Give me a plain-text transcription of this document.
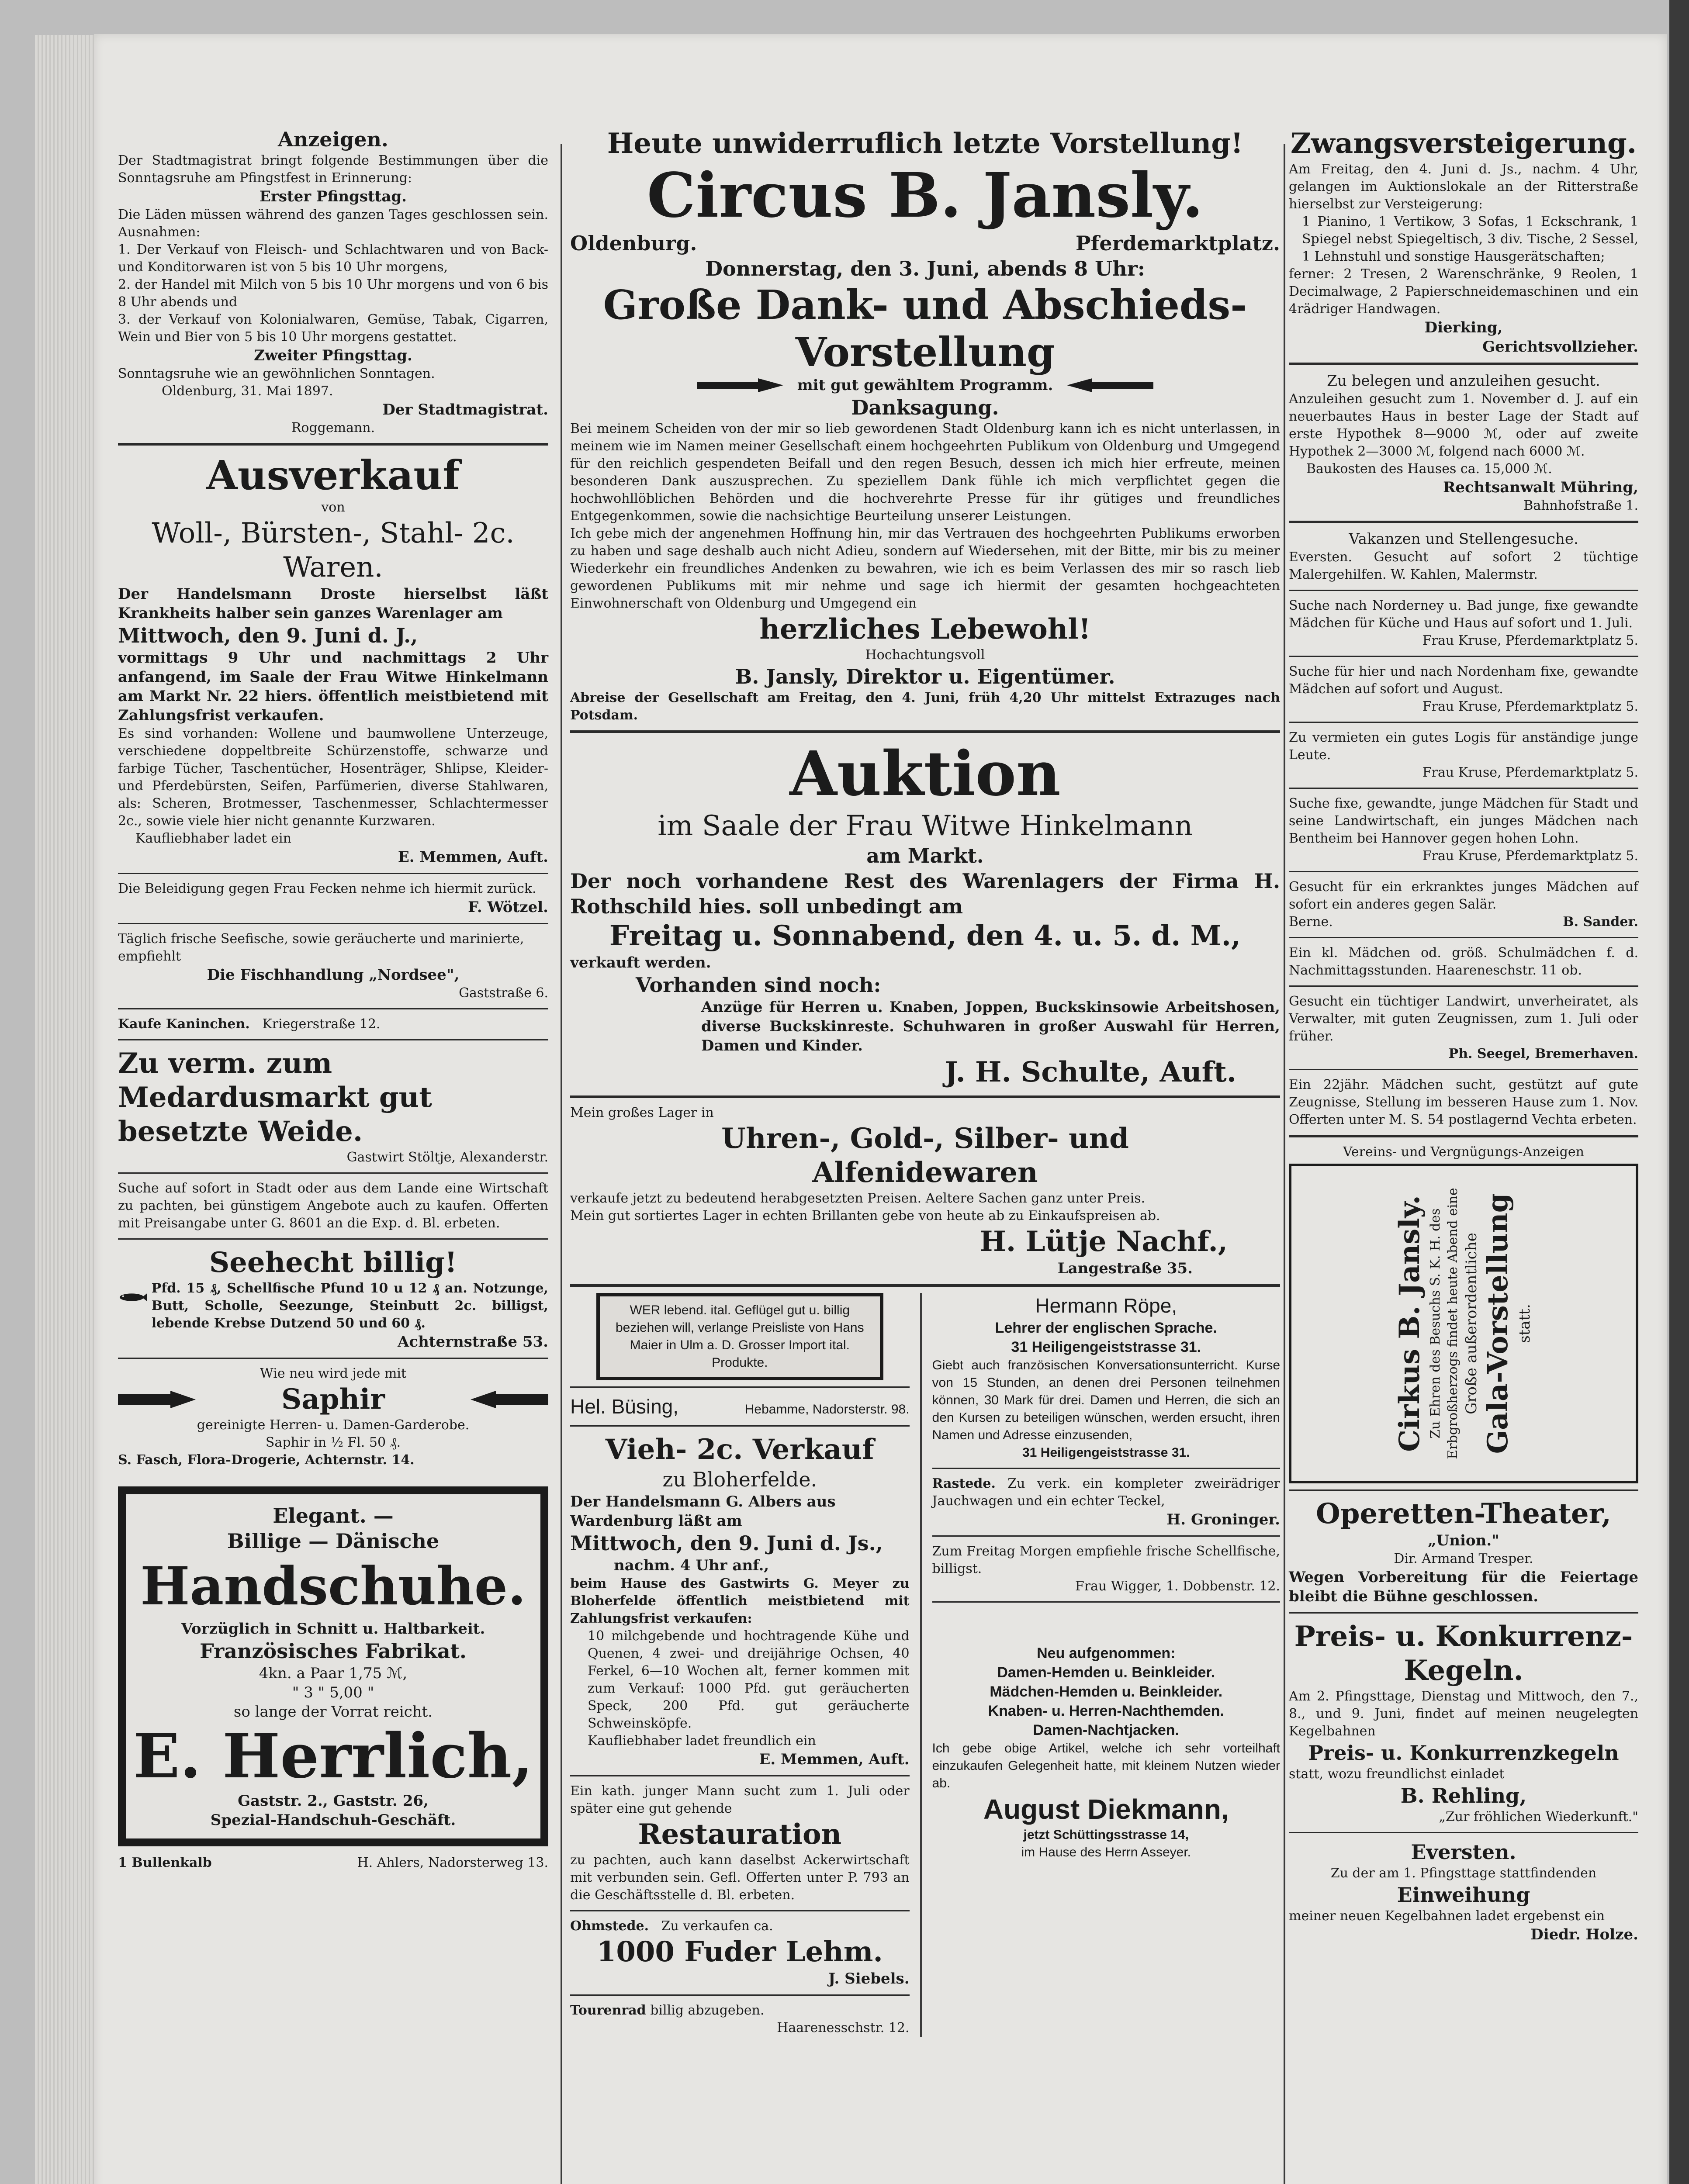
Anzeigen.
Der Stadtmagistrat bringt folgende Bestimmungen über die Sonntagsruhe am Pfingstfest in Erinnerung:
Erster Pfingsttag.
Die Läden müssen während des ganzen Tages geschlossen sein. Ausnahmen:
1. Der Verkauf von Fleisch- und Schlachtwaren und von Back- und Konditorwaren ist von 5 bis 10 Uhr morgens,
2. der Handel mit Milch von 5 bis 10 Uhr morgens und von 6 bis 8 Uhr abends und
3. der Verkauf von Kolonialwaren, Gemüse, Tabak, Cigarren, Wein und Bier von 5 bis 10 Uhr morgens gestattet.
Zweiter Pfingsttag.
Sonntagsruhe wie an gewöhnlichen Sonntagen.
Oldenburg, 31. Mai 1897.
Der Stadtmagistrat.
Roggemann.
Ausverkauf
von
Woll-, Bürsten-, Stahl- 2c. Waren.
Der Handelsmann Droste hierselbst läßt Krankheits halber sein ganzes Warenlager am
Mittwoch, den 9. Juni d. J.,
vormittags 9 Uhr und nachmittags 2 Uhr anfangend, im Saale der Frau Witwe Hinkelmann am Markt Nr. 22 hiers. öffentlich meistbietend mit Zahlungsfrist verkaufen.
Es sind vorhanden: Wollene und baumwollene Unterzeuge, verschiedene doppeltbreite Schürzenstoffe, schwarze und farbige Tücher, Taschentücher, Hosenträger, Shlipse, Kleider- und Pferdebürsten, Seifen, Parfümerien, diverse Stahlwaren, als: Scheren, Brotmesser, Taschenmesser, Schlachtermesser 2c., sowie viele hier nicht genannte Kurzwaren.
Kaufliebhaber ladet ein
E. Memmen, Auft.
Die Beleidigung gegen Frau Fecken nehme ich hiermit zurück.
F. Wötzel.
Täglich frische Seefische, sowie geräucherte und marinierte, empfiehlt
Die Fischhandlung „Nordsee",
Gaststraße 6.
Kaufe Kaninchen. Kriegerstraße 12.
Zu verm. zum Medardusmarkt gut besetzte Weide.
Gastwirt Stöltje, Alexanderstr.
Suche auf sofort in Stadt oder aus dem Lande eine Wirtschaft zu pachten, bei günstigem Angebote auch zu kaufen. Offerten mit Preisangabe unter G. 8601 an die Exp. d. Bl. erbeten.
Seehecht billig!
Pfd. 15 ₰, Schellfische Pfund 10 u 12 ₰ an. Notzunge, Butt, Scholle, Seezunge, Steinbutt 2c. billigst, lebende Krebse Dutzend 50 und 60 ₰.
Achternstraße 53.
Wie neu wird jede mit
Saphir
gereinigte Herren- u. Damen-Garderobe.
Saphir in ½ Fl. 50 ₰.
S. Fasch, Flora-Drogerie, Achternstr. 14.
Elegant. —
Billige — Dänische
Handschuhe.
Vorzüglich in Schnitt u. Haltbarkeit.
Französisches Fabrikat.
4kn. a Paar 1,75 ℳ,
" 3 " 5,00 "
so lange der Vorrat reicht.
E. Herrlich,
Gaststr. 2., Gaststr. 26,
Spezial-Handschuh-Geschäft.
1 Bullenkalb	H. Ahlers, Nadorsterweg 13.
Heute unwiderruflich letzte Vorstellung!
Circus B. Jansly.
Oldenburg.	Pferdemarktplatz.
Donnerstag, den 3. Juni, abends 8 Uhr:
Große Dank- und Abschieds-
Vorstellung
mit gut gewähltem Programm.
Danksagung.
Bei meinem Scheiden von der mir so lieb gewordenen Stadt Oldenburg kann ich es nicht unterlassen, in meinem wie im Namen meiner Gesellschaft einem hochgeehrten Publikum von Oldenburg und Umgegend für den reichlich gespendeten Beifall und den regen Besuch, dessen ich mich hier erfreute, meinen besonderen Dank auszusprechen. Zu speziellem Dank fühle ich mich verpflichtet gegen die hochwohllöblichen Behörden und die hochverehrte Presse für ihr gütiges und freundliches Entgegenkommen, sowie die nachsichtige Beurteilung unserer Leistungen.
Ich gebe mich der angenehmen Hoffnung hin, mir das Vertrauen des hochgeehrten Publikums erworben zu haben und sage deshalb auch nicht Adieu, sondern auf Wiedersehen, mit der Bitte, mir bis zu meiner Wiederkehr ein freundliches Andenken zu bewahren, wie ich es beim Verlassen des mir so rasch lieb gewordenen Publikums mit mir nehme und sage ich hiermit der gesamten hochgeachteten Einwohnerschaft von Oldenburg und Umgegend ein
herzliches Lebewohl!
Hochachtungsvoll
B. Jansly, Direktor u. Eigentümer.
Abreise der Gesellschaft am Freitag, den 4. Juni, früh 4,20 Uhr mittelst Extrazuges nach Potsdam.
Auktion
im Saale der Frau Witwe Hinkelmann
am Markt.
Der noch vorhandene Rest des Warenlagers der Firma H. Rothschild hies. soll unbedingt am
Freitag u. Sonnabend, den 4. u. 5. d. M.,
verkauft werden.
Vorhanden sind noch:
Anzüge für Herren u. Knaben, Joppen, Buckskinsowie Arbeitshosen, diverse Buckskinreste. Schuhwaren in großer Auswahl für Herren, Damen und Kinder.
J. H. Schulte, Auft.
Mein großes Lager in
Uhren-, Gold-, Silber- und
Alfenidewaren
verkaufe jetzt zu bedeutend herabgesetzten Preisen. Aeltere Sachen ganz unter Preis.
Mein gut sortiertes Lager in echten Brillanten gebe von heute ab zu Einkaufspreisen ab.
H. Lütje Nachf.,
Langestraße 35.
WER lebend. ital. Geflügel gut u. billig beziehen will, verlange Preisliste von Hans Maier in Ulm a. D. Grosser Import ital. Produkte.
Hel. Büsing,	Hebamme, Nadorsterstr. 98.
Vieh- 2c. Verkauf
zu Bloherfelde.
Der Handelsmann G. Albers aus Wardenburg läßt am
Mittwoch, den 9. Juni d. Js.,
nachm. 4 Uhr anf.,
beim Hause des Gastwirts G. Meyer zu Bloherfelde öffentlich meistbietend mit Zahlungsfrist verkaufen:
10 milchgebende und hochtragende Kühe und Quenen, 4 zwei- und dreijährige Ochsen, 40 Ferkel, 6—10 Wochen alt, ferner kommen mit zum Verkauf: 1000 Pfd. gut geräucherten Speck, 200 Pfd. gut geräucherte Schweinsköpfe.
Kaufliebhaber ladet freundlich ein
E. Memmen, Auft.
Ein kath. junger Mann sucht zum 1. Juli oder später eine gut gehende
Restauration
zu pachten, auch kann daselbst Ackerwirtschaft mit verbunden sein. Gefl. Offerten unter P. 793 an die Geschäftsstelle d. Bl. erbeten.
Ohmstede. Zu verkaufen ca.
1000 Fuder Lehm.
J. Siebels.
Tourenrad billig abzugeben.
Haarenesschstr. 12.
Hermann Röpe,
Lehrer der englischen Sprache.
31 Heiligengeiststrasse 31.
Giebt auch französischen Konversationsunterricht. Kurse von 15 Stunden, an denen drei Personen teilnehmen können, 30 Mark für drei. Damen und Herren, die sich an den Kursen zu beteiligen wünschen, werden ersucht, ihren Namen und Adresse einzusenden,
31 Heiligengeiststrasse 31.
Rastede. Zu verk. ein kompleter zweirädriger Jauchwagen und ein echter Teckel,
H. Groninger.
Zum Freitag Morgen empfiehle frische Schellfische, billigst.
Frau Wigger, 1. Dobbenstr. 12.
Neu aufgenommen:
Damen-Hemden u. Beinkleider.
Mädchen-Hemden u. Beinkleider.
Knaben- u. Herren-Nachthemden.
Damen-Nachtjacken.
Ich gebe obige Artikel, welche ich sehr vorteilhaft einzukaufen Gelegenheit hatte, mit kleinem Nutzen wieder ab.
August Diekmann,
jetzt Schüttingsstrasse 14,
im Hause des Herrn Asseyer.
Zwangsversteigerung.
Am Freitag, den 4. Juni d. Js., nachm. 4 Uhr, gelangen im Auktionslokale an der Ritterstraße hierselbst zur Versteigerung:
1 Pianino, 1 Vertikow, 3 Sofas, 1 Eckschrank, 1 Spiegel nebst Spiegeltisch, 3 div. Tische, 2 Sessel, 1 Lehnstuhl und sonstige Hausgerätschaften;
ferner: 2 Tresen, 2 Warenschränke, 9 Reolen, 1 Decimalwage, 2 Papierschneidemaschinen und ein 4rädriger Handwagen.
Dierking,
Gerichtsvollzieher.
Zu belegen und anzuleihen gesucht.
Anzuleihen gesucht zum 1. November d. J. auf ein neuerbautes Haus in bester Lage der Stadt auf erste Hypothek 8—9000 ℳ, oder auf zweite Hypothek 2—3000 ℳ, folgend nach 6000 ℳ.
Baukosten des Hauses ca. 15,000 ℳ.
Rechtsanwalt Mühring,
Bahnhofstraße 1.
Vakanzen und Stellengesuche.
Eversten. Gesucht auf sofort 2 tüchtige Malergehilfen. W. Kahlen, Malermstr.
Suche nach Norderney u. Bad junge, fixe gewandte Mädchen für Küche und Haus auf sofort und 1. Juli.
Frau Kruse, Pferdemarktplatz 5.
Suche für hier und nach Nordenham fixe, gewandte Mädchen auf sofort und August.
Frau Kruse, Pferdemarktplatz 5.
Zu vermieten ein gutes Logis für anständige junge Leute.
Frau Kruse, Pferdemarktplatz 5.
Suche fixe, gewandte, junge Mädchen für Stadt und seine Landwirtschaft, ein junges Mädchen nach Bentheim bei Hannover gegen hohen Lohn.
Frau Kruse, Pferdemarktplatz 5.
Gesucht für ein erkranktes junges Mädchen auf sofort ein anderes gegen Salär.
Berne.	B. Sander.
Ein kl. Mädchen od. größ. Schulmädchen f. d. Nachmittagsstunden. Haareneschstr. 11 ob.
Gesucht ein tüchtiger Landwirt, unverheiratet, als Verwalter, mit guten Zeugnissen, zum 1. Juli oder früher.
Ph. Seegel, Bremerhaven.
Ein 22jähr. Mädchen sucht, gestützt auf gute Zeugnisse, Stellung im besseren Hause zum 1. Nov. Offerten unter M. S. 54 postlagernd Vechta erbeten.
Vereins- und Vergnügungs-Anzeigen
Cirkus B. Jansly. Zu Ehren des Besuchs S. K. H. des Erbgroßherzogs findet heute Abend eine Große außerordentliche Gala-Vorstellung statt.
Operetten-Theater,
„Union."
Dir. Armand Tresper.
Wegen Vorbereitung für die Feiertage bleibt die Bühne geschlossen.
Preis- u. Konkurrenz-
Kegeln.
Am 2. Pfingsttage, Dienstag und Mittwoch, den 7., 8., und 9. Juni, findet auf meinen neugelegten Kegelbahnen
Preis- u. Konkurrenzkegeln
statt, wozu freundlichst einladet
B. Rehling,
„Zur fröhlichen Wiederkunft."
Eversten.
Zu der am 1. Pfingsttage stattfindenden
Einweihung
meiner neuen Kegelbahnen ladet ergebenst ein
Diedr. Holze.
